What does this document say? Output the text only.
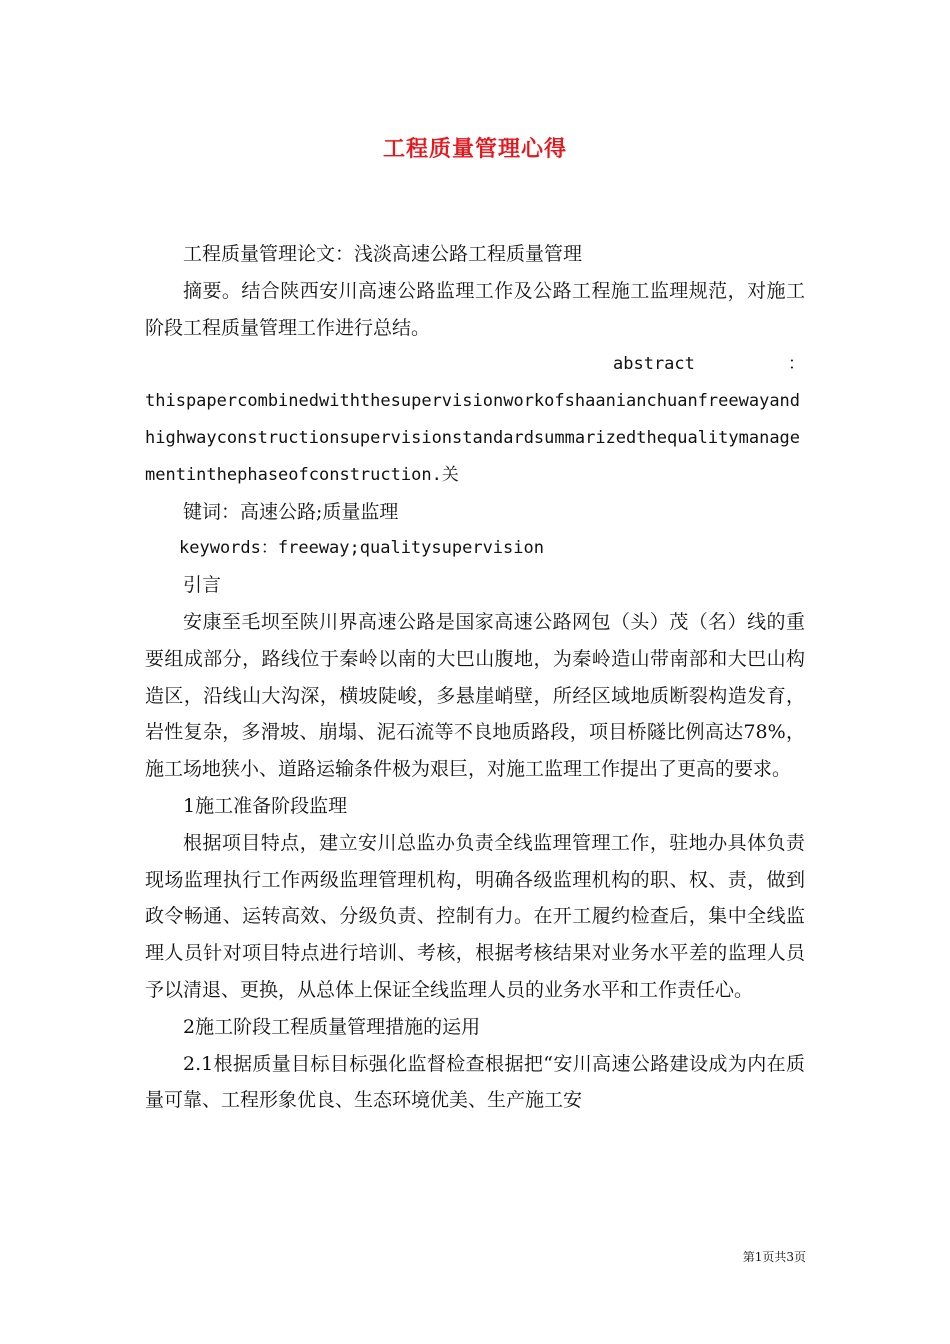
工程质量管理心得

工程质量管理论文：浅淡高速公路工程质量管理

摘要。结合陕西安川高速公路监理工作及公路工程施工监理规范，对施工阶段工程质量管理工作进行总结。

abstract	：

thispapercombinedwiththesupervisionworkofshaanianchuanfreewayandhighwayconstructionsupervisionstandardsummarizedthequalitymanagementinthephaseofconstruction.关

键词：高速公路;质量监理

keywords：freeway;qualitysupervision

引言

安康至毛坝至陕川界高速公路是国家高速公路网包（头）茂（名）线的重要组成部分，路线位于秦岭以南的大巴山腹地，为秦岭造山带南部和大巴山构造区，沿线山大沟深，横坡陡峻，多悬崖峭壁，所经区域地质断裂构造发育，岩性复杂，多滑坡、崩塌、泥石流等不良地质路段，项目桥隧比例高达78%，施工场地狭小、道路运输条件极为艰巨，对施工监理工作提出了更高的要求。

1施工准备阶段监理

根据项目特点，建立安川总监办负责全线监理管理工作，驻地办具体负责现场监理执行工作两级监理管理机构，明确各级监理机构的职、权、责，做到政令畅通、运转高效、分级负责、控制有力。在开工履约检查后，集中全线监理人员针对项目特点进行培训、考核，根据考核结果对业务水平差的监理人员予以清退、更换，从总体上保证全线监理人员的业务水平和工作责任心。

2施工阶段工程质量管理措施的运用

2.1根据质量目标目标强化监督检查根据把“安川高速公路建设成为内在质量可靠、工程形象优良、生态环境优美、生产施工安

第1页共3页
